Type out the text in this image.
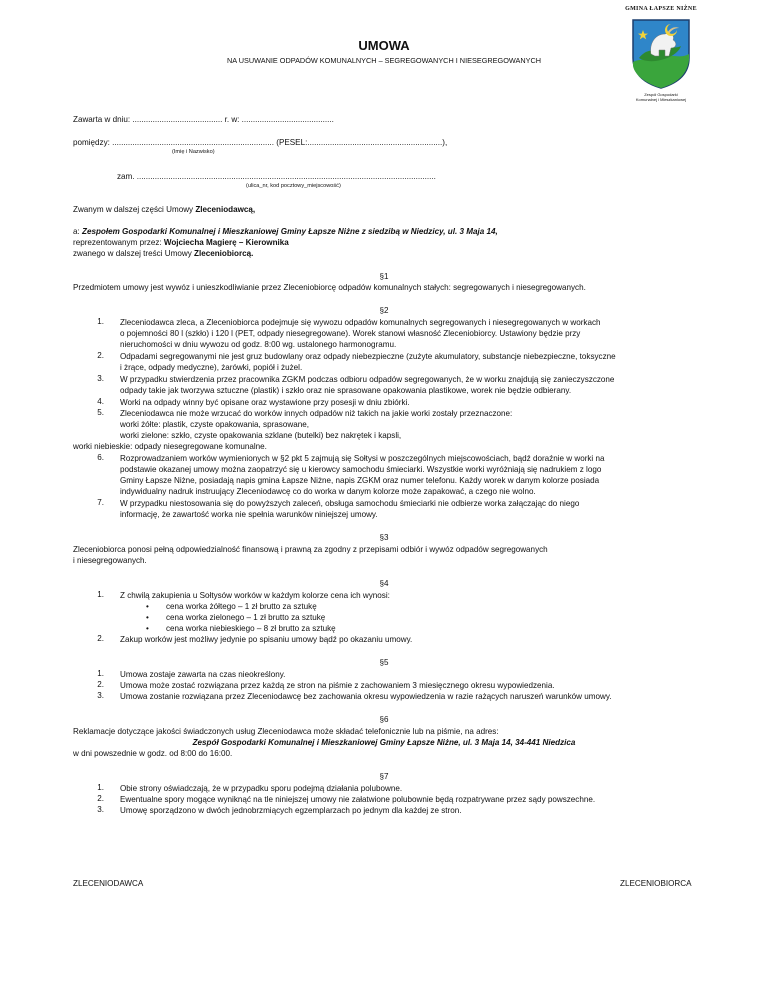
GMINA ŁAPSZE NIŻNE
Zespół Gospodarki
Komunalnej i Mieszkaniowej
UMOWA
NA USUWANIE ODPADÓW KOMUNALNYCH – SEGREGOWANYCH I NIESEGREGOWANYCH
Zawarta w dniu: ........................................ r. w: .........................................
pomiędzy: ........................................................................ (PESEL:............................................................),
(Imię i Nazwisko)
zam. .....................................................................................................................................
(ulica_nr, kod pocztowy_miejscowość)
Zwanym w dalszej części Umowy Zleceniodawcą,
a: Zespołem Gospodarki Komunalnej i Mieszkaniowej Gminy Łapsze Niżne z siedzibą w Niedzicy, ul. 3 Maja 14,
reprezentowanym przez: Wojciecha Magierę – Kierownika
zwanego w dalszej treści Umowy Zleceniobiorcą.
§1
Przedmiotem umowy jest wywóz i unieszkodliwianie przez Zleceniobiorcę odpadów komunalnych stałych: segregowanych i niesegregowanych.
§2
1. Zleceniodawca zleca, a Zleceniobiorca podejmuje się wywozu odpadów komunalnych segregowanych i niesegregowanych w workach
o pojemności 80 l (szkło) i 120 l (PET, odpady niesegregowane). Worek stanowi własność Zleceniobiorcy. Ustawiony będzie przy
nieruchomości w dniu wywozu od godz. 8:00 wg. ustalonego harmonogramu.
2. Odpadami segregowanymi nie jest gruz budowlany oraz odpady niebezpieczne (zużyte akumulatory, substancje niebezpieczne, toksyczne
i żrące, odpady medyczne), żarówki, popiół i żużel.
3. W przypadku stwierdzenia przez pracownika ZGKM podczas odbioru odpadów segregowanych, że w worku znajdują się zanieczyszczone
odpady takie jak tworzywa sztuczne (plastik) i szkło oraz nie sprasowane opakowania plastikowe, worek nie będzie odbierany.
4. Worki na odpady winny być opisane oraz wystawione przy posesji w dniu zbiórki.
5. Zleceniodawca nie może wrzucać do worków innych odpadów niż takich na jakie worki zostały przeznaczone:
worki żółte: plastik, czyste opakowania, sprasowane,
worki zielone: szkło, czyste opakowania szklane (butelki) bez nakrętek i kapsli,
worki niebieskie: odpady niesegregowane komunalne.
6. Rozprowadzaniem worków wymienionych w §2 pkt 5 zajmują się Sołtysi w poszczególnych miejscowościach, bądź doraźnie w worki na
podstawie okazanej umowy można zaopatrzyć się u kierowcy samochodu śmieciarki. Wszystkie worki wyróżniają się nadrukiem z logo
Gminy Łapsze Niżne, posiadają napis gmina Łapsze Niżne, napis ZGKM oraz numer telefonu. Każdy worek w danym kolorze posiada
indywidualny nadruk instruujący Zleceniodawcę co do worka w danym kolorze może zapakować, a czego nie wolno.
7. W przypadku niestosowania się do powyższych zaleceń, obsługa samochodu śmieciarki nie odbierze worka załączając do niego
informację, że zawartość worka nie spełnia warunków niniejszej umowy.
§3
Zleceniobiorca ponosi pełną odpowiedzialność finansową i prawną za zgodny z przepisami odbiór i wywóz odpadów segregowanych
i niesegregowanych.
§4
1. Z chwilą zakupienia u Sołtysów worków w każdym kolorze cena ich wynosi:
• cena worka żółtego – 1 zł brutto za sztukę
• cena worka zielonego – 1 zł brutto za sztukę
• cena worka niebieskiego – 8 zł brutto za sztukę
2. Zakup worków jest możliwy jedynie po spisaniu umowy bądź po okazaniu umowy.
§5
1. Umowa zostaje zawarta na czas nieokreślony.
2. Umowa może zostać rozwiązana przez każdą ze stron na piśmie z zachowaniem 3 miesięcznego okresu wypowiedzenia.
3. Umowa zostanie rozwiązana przez Zleceniodawcę bez zachowania okresu wypowiedzenia w razie rażących naruszeń warunków umowy.
§6
Reklamacje dotyczące jakości świadczonych usług Zleceniodawca może składać telefonicznie lub na piśmie, na adres:
Zespół Gospodarki Komunalnej i Mieszkaniowej Gminy Łapsze Niżne, ul. 3 Maja 14, 34-441 Niedzica
w dni powszednie w godz. od 8:00 do 16:00.
§7
1. Obie strony oświadczają, że w przypadku sporu podejmą działania polubowne.
2. Ewentualne spory mogące wyniknąć na tle niniejszej umowy nie załatwione polubownie będą rozpatrywane przez sądy powszechne.
3. Umowę sporządzono w dwóch jednobrzmiących egzemplarzach po jednym dla każdej ze stron.
ZLECENIODAWCA	ZLECENIOBIORCA
